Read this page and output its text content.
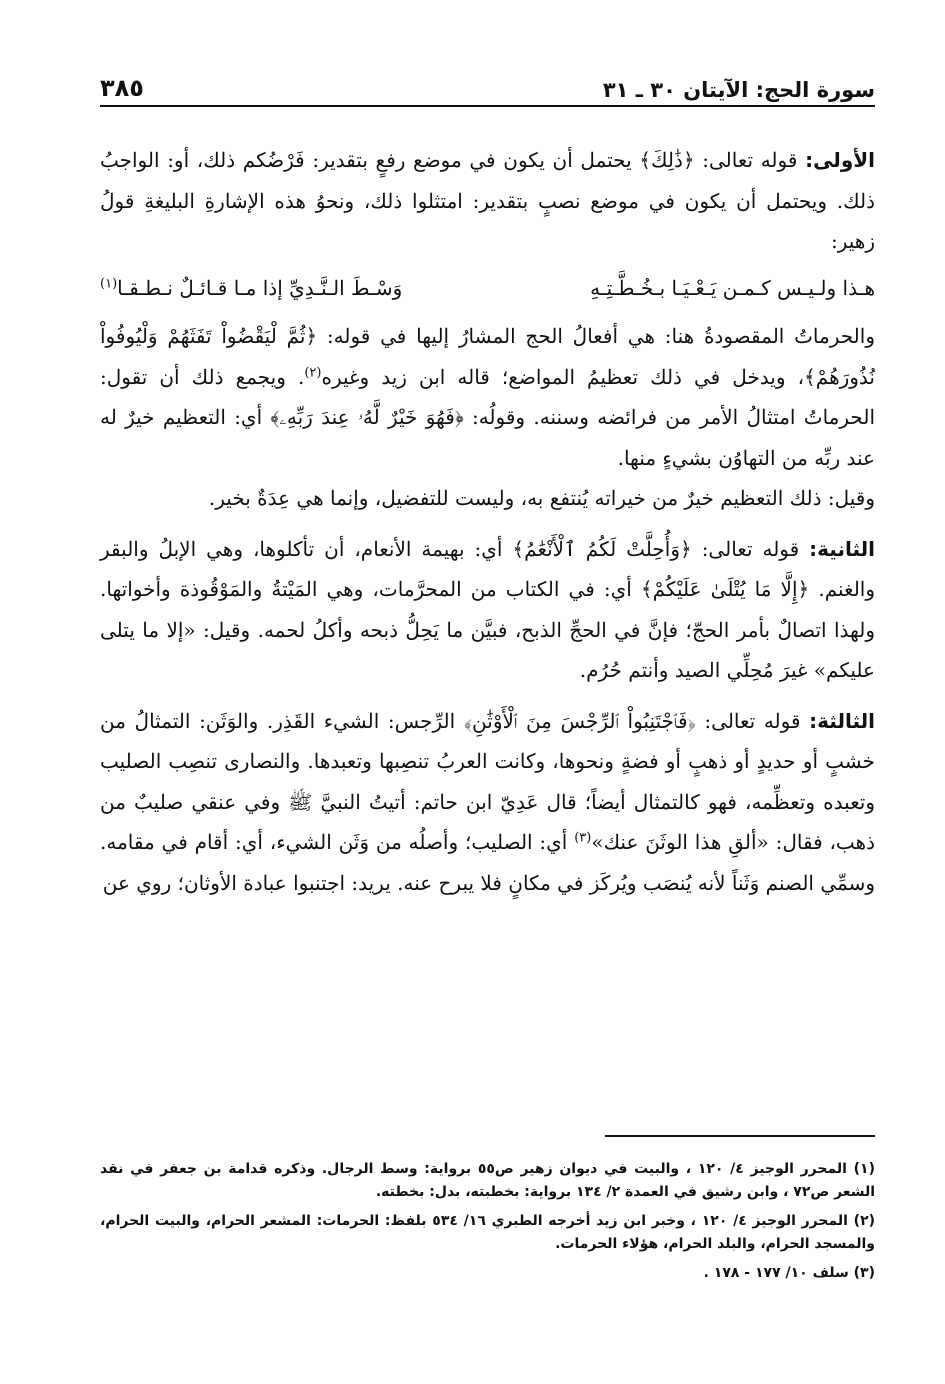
سورة الحج: الآيتان ٣٠ ـ ٣١
٣٨٥

الأولى: قوله تعالى: ﴿ذَٰلِكَ﴾ يحتمل أن يكون في موضع رفعٍ بتقدير: فَرْضُكم ذلك، أو: الواجبُ ذلك. ويحتمل أن يكون في موضع نصبٍ بتقدير: امتثلوا ذلك، ونحوُ هذه الإشارةِ البليغةِ قولُ زهير:

هـذا ولـيـس كـمـن يَـعْـيَـا بـخُـطَّـتِـهِ
وَسْـطَ الـنَّـدِيِّ إذا مـا قـائـلٌ نـطـقـا$^{(١)}$

والحرماتُ المقصودةُ هنا: هي أفعالُ الحج المشارُ إليها في قوله: ﴿ثُمَّ لْيَقْضُواْ تَفَثَهُمْ وَلْيُوفُواْ نُذُورَهُمْ﴾، ويدخل في ذلك تعظيمُ المواضع؛ قاله ابن زيد وغيره$^{(٢)}$. ويجمع ذلك أن تقول: الحرماتُ امتثالُ الأمر من فرائضه وسننه. وقولُه: ﴿فَهُوَ خَيْرٌ لَّهُۥ عِندَ رَبِّهِۦ﴾ أي: التعظيم خيرٌ له عند ربِّه من التهاوُن بشيءٍ منها.

وقيل: ذلك التعظيم خيرٌ من خيراته يُنتفع به، وليست للتفضيل، وإنما هي عِدَةٌ بخير.

الثانية: قوله تعالى: ﴿وَأُحِلَّتْ لَكُمُ ٱلْأَنْعَٰمُ﴾ أي: بهيمة الأنعام، أن تأكلوها، وهي الإبلُ والبقر والغنم. ﴿إِلَّا مَا يُتْلَىٰ عَلَيْكُمْ﴾ أي: في الكتاب من المحرَّمات، وهي المَيْتةُ والمَوْقُوذة وأخواتها. ولهذا اتصالٌ بأمر الحجّ؛ فإنَّ في الحجِّ الذبح، فبيَّن ما يَحِلُّ ذبحه وأكلُ لحمه. وقيل: «إلا ما يتلى عليكم» غيرَ مُحِلِّي الصيد وأنتم حُرُم.

الثالثة: قوله تعالى: ﴿فَٱجْتَنِبُواْ ٱلرِّجْسَ مِنَ ٱلْأَوْثَٰنِ﴾ الرِّجس: الشيء القَذِر. والوَثَن: التمثالُ من خشبٍ أو حديدٍ أو ذهبٍ أو فضةٍ ونحوها، وكانت العربُ تنصِبها وتعبدها. والنصارى تنصِب الصليب وتعبده وتعظِّمه، فهو كالتمثال أيضاً؛ قال عَدِيّ ابن حاتم: أتيتُ النبيَّ ﷺ وفي عنقي صليبٌ من ذهب، فقال: «ألقِ هذا الوثَنَ عنك»$^{(٣)}$ أي: الصليب؛ وأصلُه من وَثَن الشيء، أي: أقام في مقامه. وسمِّي الصنم وَثَناً لأنه يُنصَب ويُركَز في مكانٍ فلا يبرح عنه. يريد: اجتنبوا عبادة الأوثان؛ روي عن

(١) المحرر الوجيز ٤/ ١٢٠ ، والبيت في ديوان زهير ص٥٥ برواية: وسط الرجال. وذكره قدامة بن جعفر في نقد الشعر ص٧٢ ، وابن رشيق في العمدة ٢/ ١٣٤ برواية: بخطبته، بدل: بخطته.

(٢) المحرر الوجيز ٤/ ١٢٠ ، وخبر ابن زيد أخرجه الطبري ١٦/ ٥٣٤ بلفظ: الحرمات: المشعر الحرام، والبيت الحرام، والمسجد الحرام، والبلد الحرام، هؤلاء الحرمات.

(٣) سلف ١٠/ ١٧٧ - ١٧٨ .
